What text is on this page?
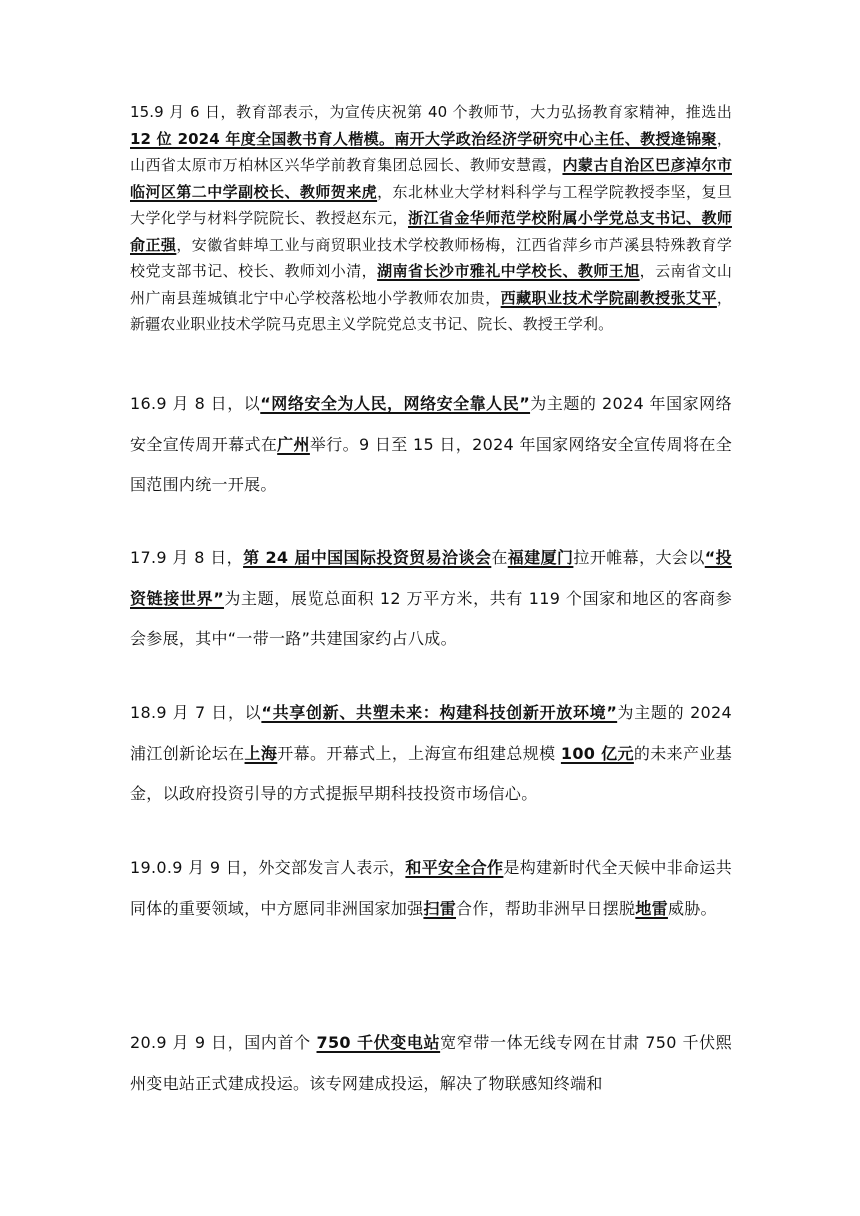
15.9 月 6 日，教育部表示，为宣传庆祝第 40 个教师节，大力弘扬教育家精神，推选出12 位 2024 年度全国教书育人楷模。南开大学政治经济学研究中心主任、教授逄锦聚，山西省太原市万柏林区兴华学前教育集团总园长、教师安慧霞，内蒙古自治区巴彦淖尔市临河区第二中学副校长、教师贺来虎，东北林业大学材料科学与工程学院教授李坚，复旦大学化学与材料学院院长、教授赵东元，浙江省金华师范学校附属小学党总支书记、教师俞正强，安徽省蚌埠工业与商贸职业技术学校教师杨梅，江西省萍乡市芦溪县特殊教育学校党支部书记、校长、教师刘小清，湖南省长沙市雅礼中学校长、教师王旭，云南省文山州广南县莲城镇北宁中心学校落松地小学教师农加贵，西藏职业技术学院副教授张艾平，新疆农业职业技术学院马克思主义学院党总支书记、院长、教授王学利。

16.9 月 8 日，以“网络安全为人民，网络安全靠人民”为主题的 2024 年国家网络安全宣传周开幕式在广州举行。9 日至 15 日，2024 年国家网络安全宣传周将在全国范围内统一开展。

17.9 月 8 日，第 24 届中国国际投资贸易洽谈会在福建厦门拉开帷幕，大会以“投资链接世界”为主题，展览总面积 12 万平方米，共有 119 个国家和地区的客商参会参展，其中“一带一路”共建国家约占八成。

18.9 月 7 日，以“共享创新、共塑未来：构建科技创新开放环境”为主题的 2024 浦江创新论坛在上海开幕。开幕式上，上海宣布组建总规模 100 亿元的未来产业基金，以政府投资引导的方式提振早期科技投资市场信心。

19.0.9 月 9 日，外交部发言人表示，和平安全合作是构建新时代全天候中非命运共同体的重要领域，中方愿同非洲国家加强扫雷合作，帮助非洲早日摆脱地雷威胁。

20.9 月 9 日，国内首个 750 千伏变电站宽窄带一体无线专网在甘肃 750 千伏熙州变电站正式建成投运。该专网建成投运，解决了物联感知终端和
